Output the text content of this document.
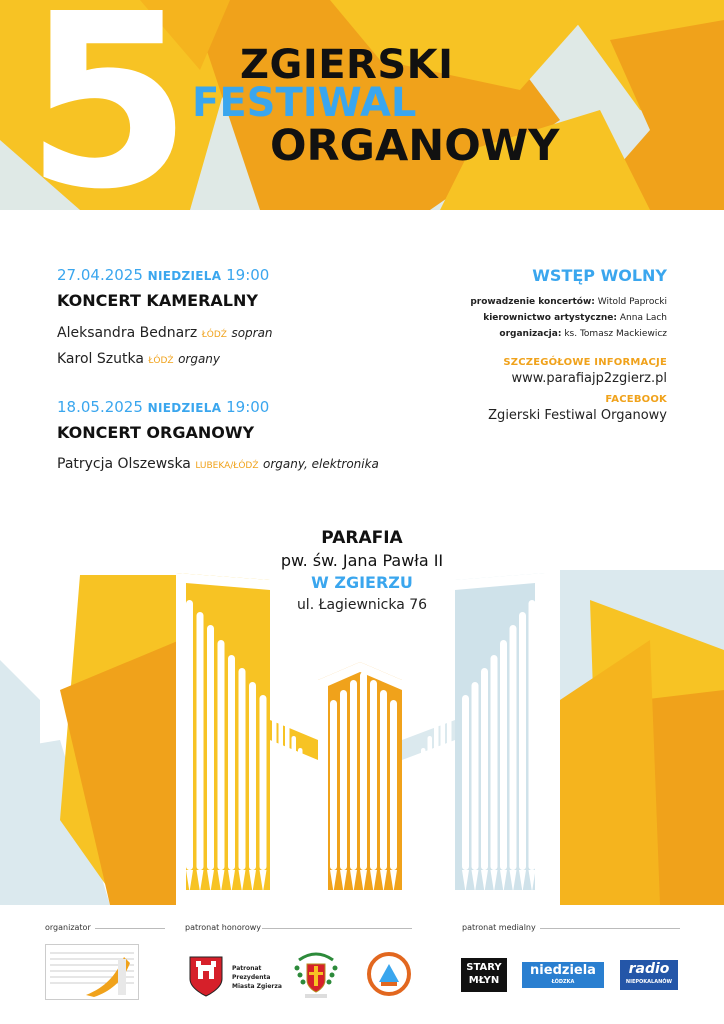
5 ZGIERSKI
FESTIWAL
ORGANOWY
27.04.2025 NIEDZIELA 19:00
KONCERT KAMERALNY
Aleksandra Bednarz ŁÓDŹ sopran
Karol Szutka ŁÓDŹ organy
18.05.2025 NIEDZIELA 19:00
KONCERT ORGANOWY
Patrycja Olszewska LUBEKA/ŁÓDŹ organy, elektronika
WSTĘP WOLNY
prowadzenie koncertów: Witold Paprocki
kierownictwo artystyczne: Anna Lach
organizacja: ks. Tomasz Mackiewicz
SZCZEGÓŁOWE INFORMACJE
www.parafiajp2zgierz.pl
FACEBOOK
Zgierski Festiwal Organowy
PARAFIA
pw. św. Jana Pawła II
W ZGIERZU
ul. Łagiewnicka 76
organizator	patronat honorowy	patronat medialny
Patronat Prezydenta Miasta Zgierza
STARY MŁYN
niedziela
ŁÓDZKA
radio
NIEPOKALANÓW
